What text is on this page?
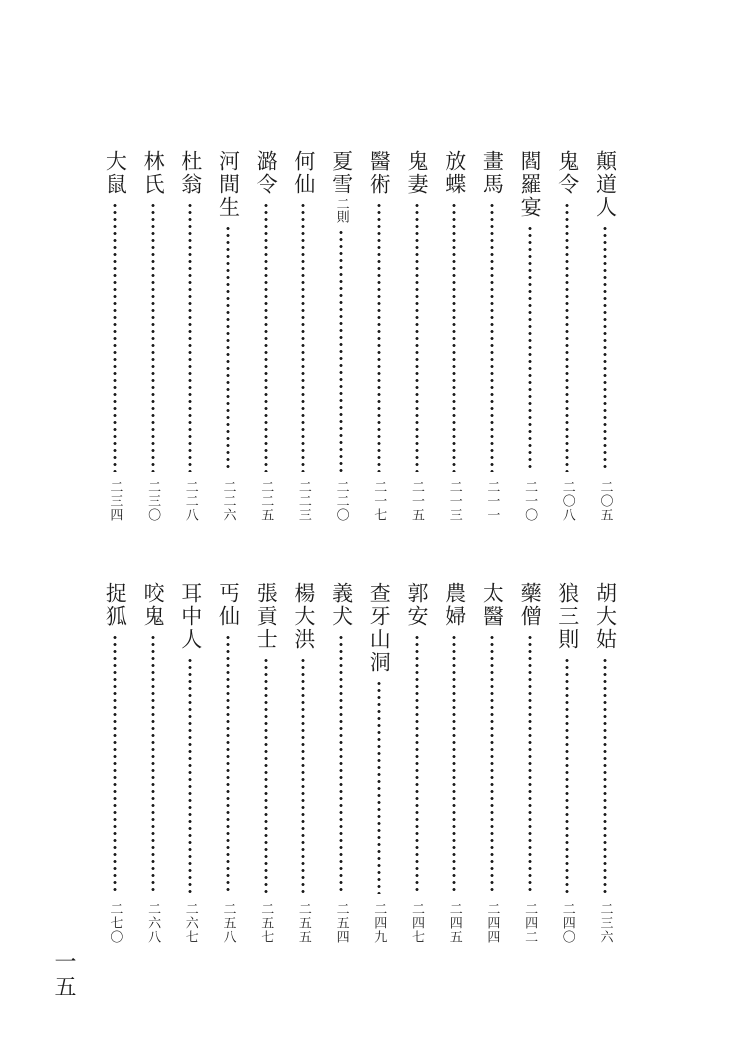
顛道人
二〇五
鬼令
二〇八
閻羅宴
二一〇
畫馬
二一一
放蝶
二一三
鬼妻
二一五
醫術
二一七
夏雪
二則
二二〇
何仙
二二三
潞令
二二五
河間生
二二六
杜翁
二二八
林氏
二三〇
大鼠
二三四
胡大姑
二三六
狼三則
二四〇
藥僧
二四二
太醫
二四四
農婦
二四五
郭安
二四七
查牙山洞
二四九
義犬
二五四
楊大洪
二五五
張貢士
二五七
丐仙
二五八
耳中人
二六七
咬鬼
二六八
捉狐
二七〇
一五
